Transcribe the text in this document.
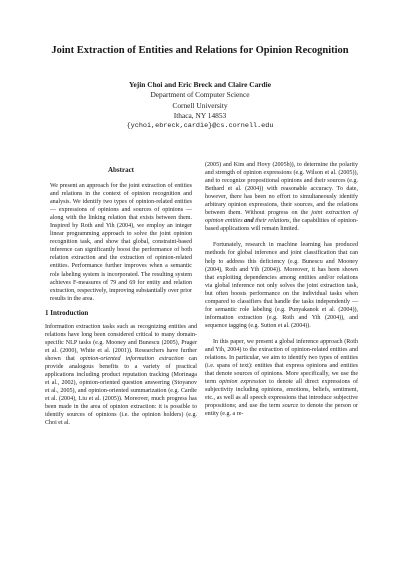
Joint Extraction of Entities and Relations for Opinion Recognition
Yejin Choi and Eric Breck and Claire Cardie
Department of Computer Science
Cornell University
Ithaca, NY 14853
{ychoi,ebreck,cardie}@cs.cornell.edu
Abstract

We present an approach for the joint extraction of entities and relations in the context of opinion recognition and analysis. We identify two types of opinion-related entities — expressions of opinions and sources of opinions — along with the linking relation that exists between them. Inspired by Roth and Yih (2004), we employ an integer linear programming approach to solve the joint opinion recognition task, and show that global, constraint-based inference can significantly boost the performance of both relation extraction and the extraction of opinion-related entities. Performance further improves when a semantic role labeling system is incorporated. The resulting system achieves F-measures of 79 and 69 for entity and relation extraction, respectively, improving substantially over prior results in the area.

1 Introduction

Information extraction tasks such as recognizing entities and relations have long been considered critical to many domain-specific NLP tasks (e.g. Mooney and Bunescu (2005), Prager et al. (2000), White et al. (2001)). Researchers have further shown that opinion-oriented information extraction can provide analogous benefits to a variety of practical applications including product reputation tracking (Morinaga et al., 2002), opinion-oriented question answering (Stoyanov et al., 2005), and opinion-oriented summarization (e.g. Cardie et al. (2004), Liu et al. (2005)). Moreover, much progress has been made in the area of opinion extraction: it is possible to identify sources of opinions (i.e. the opinion holders) (e.g. Choi et al.

(2005) and Kim and Hovy (2005b)), to determine the polarity and strength of opinion expressions (e.g. Wilson et al. (2005)), and to recognize propositional opinions and their sources (e.g. Bethard et al. (2004)) with reasonable accuracy. To date, however, there has been no effort to simultaneously identify arbitrary opinion expressions, their sources, and the relations between them. Without progress on the joint extraction of opinion entities and their relations, the capabilities of opinion-based applications will remain limited.

Fortunately, research in machine learning has produced methods for global inference and joint classification that can help to address this deficiency (e.g. Bunescu and Mooney (2004), Roth and Yih (2004)). Moreover, it has been shown that exploiting dependencies among entities and/or relations via global inference not only solves the joint extraction task, but often boosts performance on the individual tasks when compared to classifiers that handle the tasks independently — for semantic role labeling (e.g. Punyakanok et al. (2004)), information extraction (e.g. Roth and Yih (2004)), and sequence tagging (e.g. Sutton et al. (2004)).

In this paper, we present a global inference approach (Roth and Yih, 2004) to the extraction of opinion-related entities and relations. In particular, we aim to identify two types of entities (i.e. spans of text): entities that express opinions and entities that denote sources of opinions. More specifically, we use the term opinion expression to denote all direct expressions of subjectivity including opinions, emotions, beliefs, sentiment, etc., as well as all speech expressions that introduce subjective propositions; and use the term source to denote the person or entity (e.g. a re-
